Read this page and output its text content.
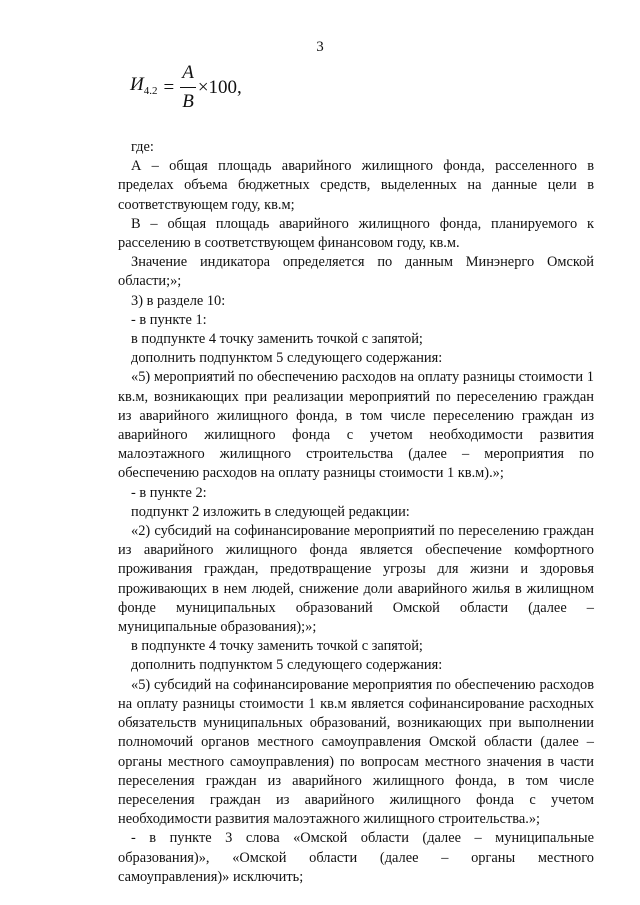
3
$И_{4.2} = \frac{A}{B} \times 100$,

где:

А – общая площадь аварийного жилищного фонда, расселенного в пределах объема бюджетных средств, выделенных на данные цели в соответствующем году, кв.м;

В – общая площадь аварийного жилищного фонда, планируемого к расселению в соответствующем финансовом году, кв.м.

Значение индикатора определяется по данным Минэнерго Омской области;»;

3) в разделе 10:

- в пункте 1:

в подпункте 4 точку заменить точкой с запятой;

дополнить подпунктом 5 следующего содержания:

«5) мероприятий по обеспечению расходов на оплату разницы стоимости 1 кв.м, возникающих при реализации мероприятий по переселению граждан из аварийного жилищного фонда, в том числе переселению граждан из аварийного жилищного фонда с учетом необходимости развития малоэтажного жилищного строительства (далее – мероприятия по обеспечению расходов на оплату разницы стоимости 1 кв.м).»;

- в пункте 2:

подпункт 2 изложить в следующей редакции:

«2) субсидий на софинансирование мероприятий по переселению граждан из аварийного жилищного фонда является обеспечение комфортного проживания граждан, предотвращение угрозы для жизни и здоровья проживающих в нем людей, снижение доли аварийного жилья в жилищном фонде муниципальных образований Омской области (далее – муниципальные образования);»;

в подпункте 4 точку заменить точкой с запятой;

дополнить подпунктом 5 следующего содержания:

«5) субсидий на софинансирование мероприятия по обеспечению расходов на оплату разницы стоимости 1 кв.м является софинансирование расходных обязательств муниципальных образований, возникающих при выполнении полномочий органов местного самоуправления Омской области (далее – органы местного самоуправления) по вопросам местного значения в части переселения граждан из аварийного жилищного фонда, в том числе переселения граждан из аварийного жилищного фонда с учетом необходимости развития малоэтажного жилищного строительства.»;

- в пункте 3 слова «Омской области (далее – муниципальные образования)», «Омской области (далее – органы местного самоуправления)» исключить;
